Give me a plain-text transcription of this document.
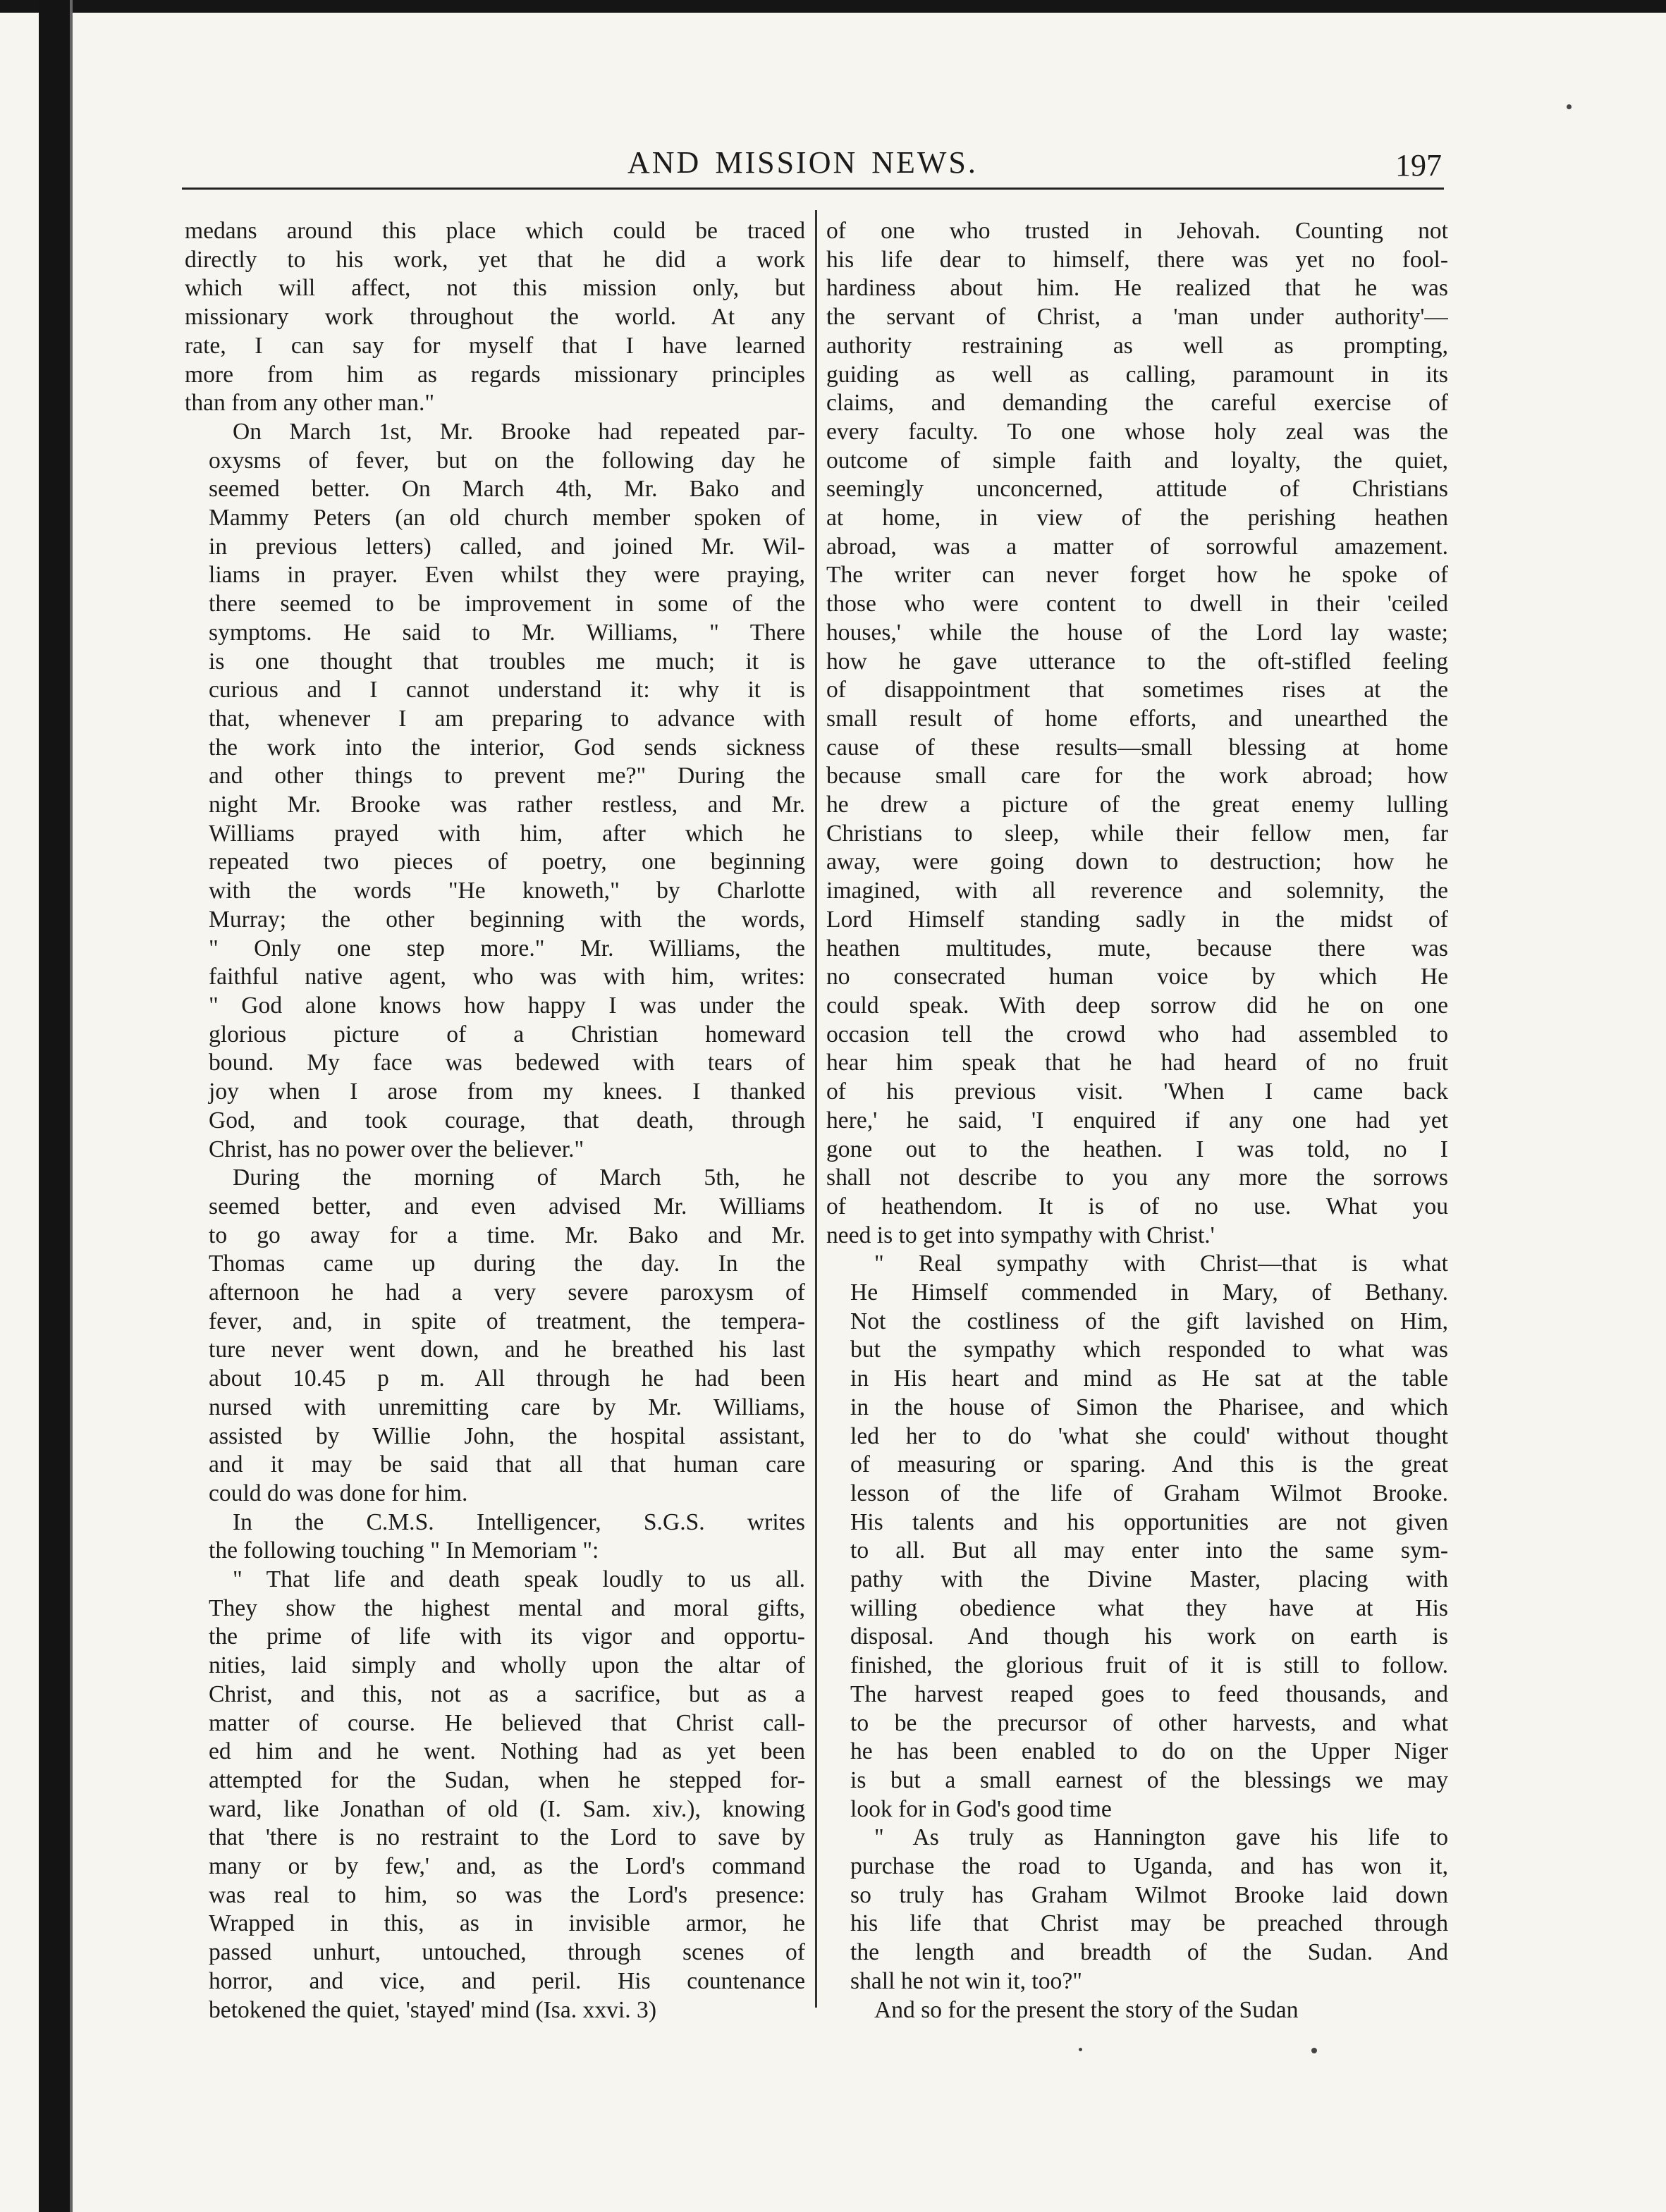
AND MISSION NEWS.	197

medans around this place which could be traced
directly to his work, yet that he did a work
which will affect, not this mission only, but
missionary work throughout the world. At any
rate, I can say for myself that I have learned
more from him as regards missionary principles
than from any other man."

On March 1st, Mr. Brooke had repeated par-
oxysms of fever, but on the following day he
seemed better. On March 4th, Mr. Bako and
Mammy Peters (an old church member spoken of
in previous letters) called, and joined Mr. Wil-
liams in prayer. Even whilst they were praying,
there seemed to be improvement in some of the
symptoms. He said to Mr. Williams, " There
is one thought that troubles me much; it is
curious and I cannot understand it: why it is
that, whenever I am preparing to advance with
the work into the interior, God sends sickness
and other things to prevent me?" During the
night Mr. Brooke was rather restless, and Mr.
Williams prayed with him, after which he
repeated two pieces of poetry, one beginning
with the words "He knoweth," by Charlotte
Murray; the other beginning with the words,
" Only one step more." Mr. Williams, the
faithful native agent, who was with him, writes:
" God alone knows how happy I was under the
glorious picture of a Christian homeward
bound. My face was bedewed with tears of
joy when I arose from my knees. I thanked
God, and took courage, that death, through
Christ, has no power over the believer."

During the morning of March 5th, he
seemed better, and even advised Mr. Williams
to go away for a time. Mr. Bako and Mr.
Thomas came up during the day. In the
afternoon he had a very severe paroxysm of
fever, and, in spite of treatment, the tempera-
ture never went down, and he breathed his last
about 10.45 p m. All through he had been
nursed with unremitting care by Mr. Williams,
assisted by Willie John, the hospital assistant,
and it may be said that all that human care
could do was done for him.

In the C.M.S. Intelligencer, S.G.S. writes
the following touching " In Memoriam ":

" That life and death speak loudly to us all.
They show the highest mental and moral gifts,
the prime of life with its vigor and opportu-
nities, laid simply and wholly upon the altar of
Christ, and this, not as a sacrifice, but as a
matter of course. He believed that Christ call-
ed him and he went. Nothing had as yet been
attempted for the Sudan, when he stepped for-
ward, like Jonathan of old (I. Sam. xiv.), knowing
that 'there is no restraint to the Lord to save by
many or by few,' and, as the Lord's command
was real to him, so was the Lord's presence:
Wrapped in this, as in invisible armor, he
passed unhurt, untouched, through scenes of
horror, and vice, and peril. His countenance
betokened the quiet, 'stayed' mind (Isa. xxvi. 3)

of one who trusted in Jehovah. Counting not
his life dear to himself, there was yet no fool-
hardiness about him. He realized that he was
the servant of Christ, a 'man under authority'—
authority restraining as well as prompting,
guiding as well as calling, paramount in its
claims, and demanding the careful exercise of
every faculty. To one whose holy zeal was the
outcome of simple faith and loyalty, the quiet,
seemingly unconcerned, attitude of Christians
at home, in view of the perishing heathen
abroad, was a matter of sorrowful amazement.
The writer can never forget how he spoke of
those who were content to dwell in their 'ceiled
houses,' while the house of the Lord lay waste;
how he gave utterance to the oft-stifled feeling
of disappointment that sometimes rises at the
small result of home efforts, and unearthed the
cause of these results—small blessing at home
because small care for the work abroad; how
he drew a picture of the great enemy lulling
Christians to sleep, while their fellow men, far
away, were going down to destruction; how he
imagined, with all reverence and solemnity, the
Lord Himself standing sadly in the midst of
heathen multitudes, mute, because there was
no consecrated human voice by which He
could speak. With deep sorrow did he on one
occasion tell the crowd who had assembled to
hear him speak that he had heard of no fruit
of his previous visit. 'When I came back
here,' he said, 'I enquired if any one had yet
gone out to the heathen. I was told, no I
shall not describe to you any more the sorrows
of heathendom. It is of no use. What you
need is to get into sympathy with Christ.'

" Real sympathy with Christ—that is what
He Himself commended in Mary, of Bethany.
Not the costliness of the gift lavished on Him,
but the sympathy which responded to what was
in His heart and mind as He sat at the table
in the house of Simon the Pharisee, and which
led her to do 'what she could' without thought
of measuring or sparing. And this is the great
lesson of the life of Graham Wilmot Brooke.
His talents and his opportunities are not given
to all. But all may enter into the same sym-
pathy with the Divine Master, placing with
willing obedience what they have at His
disposal. And though his work on earth is
finished, the glorious fruit of it is still to follow.
The harvest reaped goes to feed thousands, and
to be the precursor of other harvests, and what
he has been enabled to do on the Upper Niger
is but a small earnest of the blessings we may
look for in God's good time

" As truly as Hannington gave his life to
purchase the road to Uganda, and has won it,
so truly has Graham Wilmot Brooke laid down
his life that Christ may be preached through
the length and breadth of the Sudan. And
shall he not win it, too?"

And so for the present the story of the Sudan
